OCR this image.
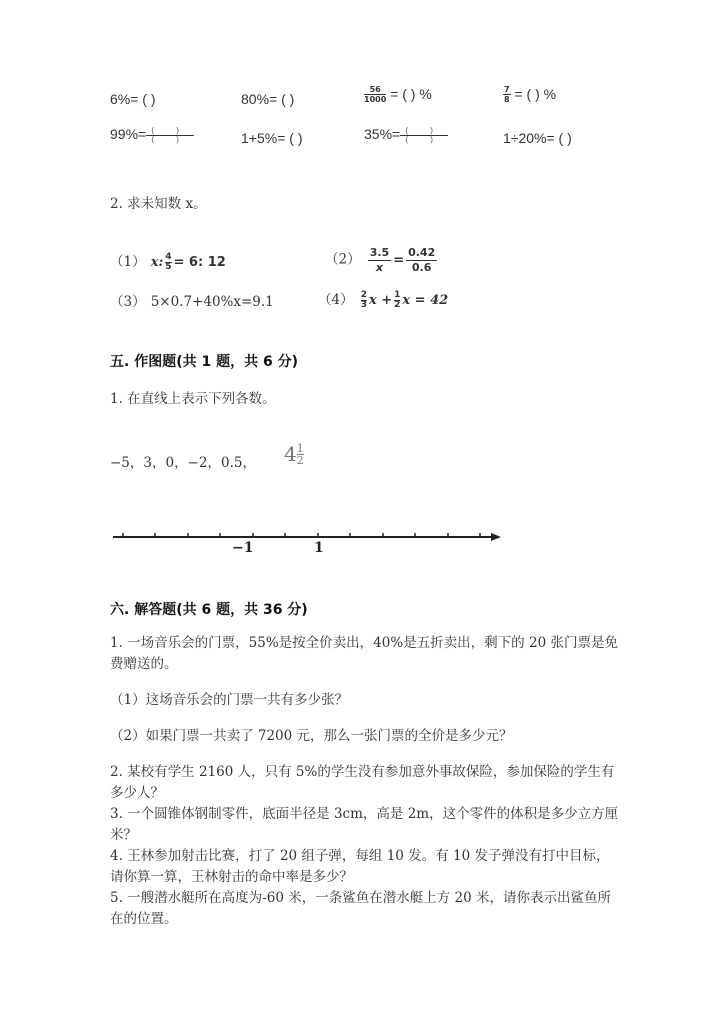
6%= ( )	80%= ( )	$\frac{56}{1000}$ = ( ) %	$\frac{7}{8}$ = ( ) %
$99\%= \frac{( )}{( )}$	1+5%= ( )	$35\%= \frac{( )}{( )}$	1÷20%= ( )
2. 求未知数 x。
（1） x: $\frac{4}{5} = 6$: 12	$(2) \frac{3.5}{x} = \frac{0.42}{0.6}$
（3） 5×0.7+40%x=9.1	$(4) \frac{2}{3}$ $x + \frac{1}{2}$ x = 42
五. 作图题(共 1 题，共 6 分)
1. 在直线上表示下列各数。
−5，3，0，−2，0.5， $4 \frac{1}{2}$
−1	1
六. 解答题(共 6 题，共 36 分)
1. 一场音乐会的门票，55%是按全价卖出，40%是五折卖出，剩下的 20 张门票是免费赠送的。
（1）这场音乐会的门票一共有多少张？
（2）如果门票一共卖了 7200 元，那么一张门票的全价是多少元？
2. 某校有学生 2160 人，只有 5%的学生没有参加意外事故保险，参加保险的学生有多少人？
3. 一个圆锥体钢制零件，底面半径是 3cm，高是 2m，这个零件的体积是多少立方厘米？
4. 王林参加射击比赛，打了 20 组子弹，每组 10 发。有 10 发子弹没有打中目标，请你算一算，王林射击的命中率是多少？
5. 一艘潜水艇所在高度为-60 米，一条鲨鱼在潜水艇上方 20 米，请你表示出鲨鱼所在的位置。
